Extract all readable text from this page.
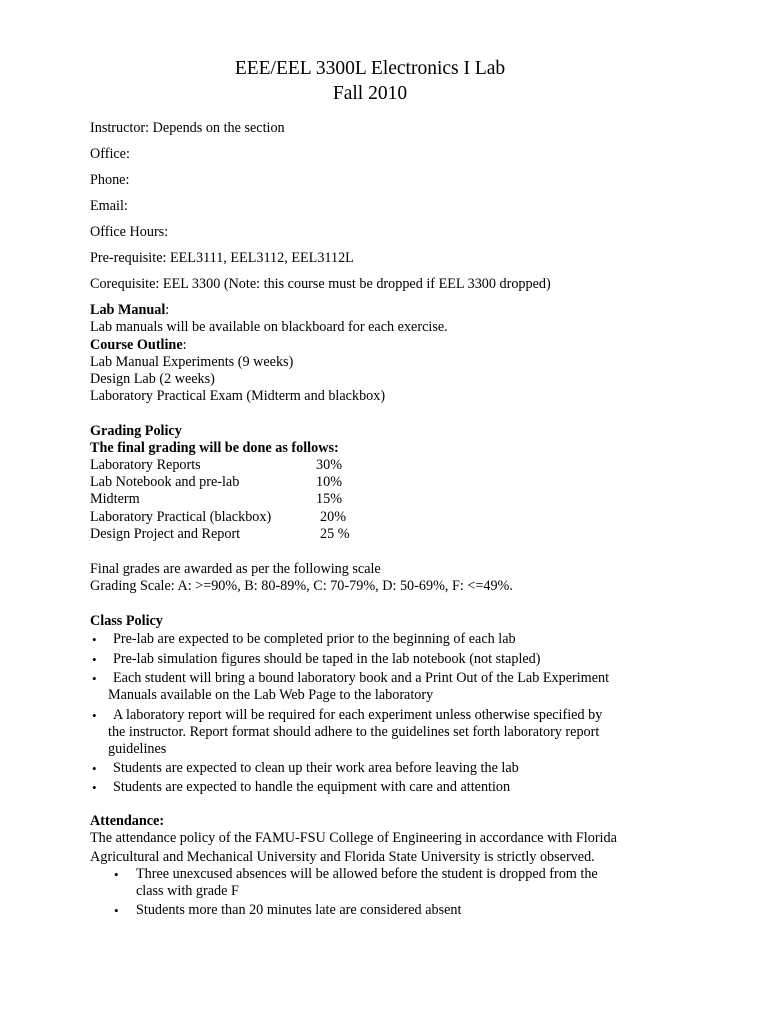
EEE/EEL 3300L Electronics I Lab
Fall 2010
Instructor: Depends on the section
Office:
Phone:
Email:
Office Hours:
Pre-requisite: EEL3111, EEL3112, EEL3112L
Corequisite: EEL 3300 (Note: this course must be dropped if EEL 3300 dropped)
Lab Manual:
Lab manuals will be available on blackboard for each exercise.
Course Outline:
Lab Manual Experiments (9 weeks)
Design Lab (2 weeks)
Laboratory Practical Exam (Midterm and blackbox)
Grading Policy
The final grading will be done as follows:
Laboratory Reports	30%
Lab Notebook and pre-lab	10%
Midterm	15%
Laboratory Practical (blackbox)	20%
Design Project and Report	25 %
Final grades are awarded as per the following scale
Grading Scale: A: >=90%, B: 80-89%, C: 70-79%, D: 50-69%, F: <=49%.
Class Policy
• Pre-lab are expected to be completed prior to the beginning of each lab
• Pre-lab simulation figures should be taped in the lab notebook (not stapled)
• Each student will bring a bound laboratory book and a Print Out of the Lab Experiment
Manuals available on the Lab Web Page to the laboratory
• A laboratory report will be required for each experiment unless otherwise specified by
the instructor. Report format should adhere to the guidelines set forth laboratory report
guidelines
• Students are expected to clean up their work area before leaving the lab
• Students are expected to handle the equipment with care and attention
Attendance:
The attendance policy of the FAMU-FSU College of Engineering in accordance with Florida
Agricultural and Mechanical University and Florida State University is strictly observed.
• Three unexcused absences will be allowed before the student is dropped from the
class with grade F
• Students more than 20 minutes late are considered absent
